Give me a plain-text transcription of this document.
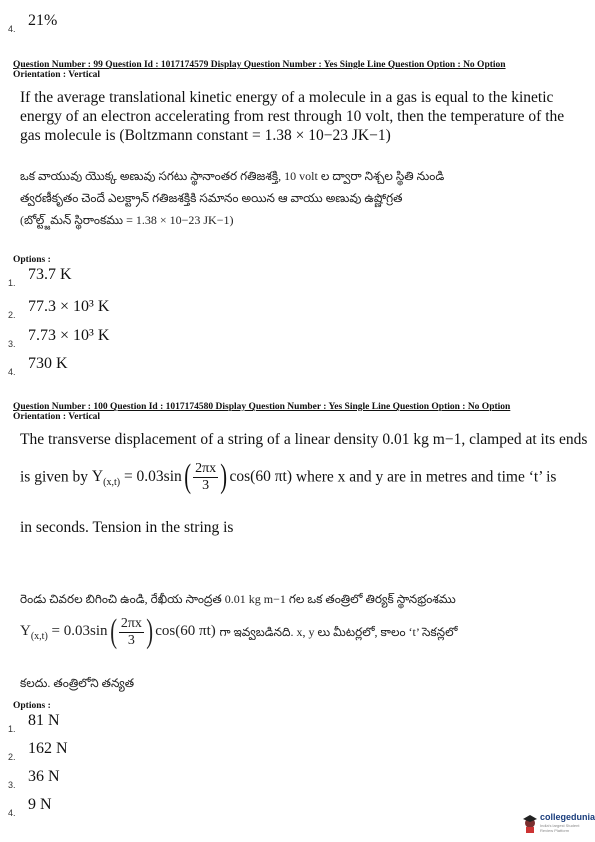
4. 21%
Question Number : 99 Question Id : 1017174579 Display Question Number : Yes Single Line Question Option : No Option
Orientation : Vertical
If the average translational kinetic energy of a molecule in a gas is equal to the kinetic
energy of an electron accelerating from rest through 10 volt, then the temperature of the
gas molecule is (Boltzmann constant = 1.38 × 10−23 JK−1)
ఒక వాయువు యొక్క అణువు సగటు స్థానాంతర గతిజశక్తి, 10 volt ల ద్వారా నిశ్చల స్థితి నుండి
త్వరణీకృతం చెందే ఎలక్ట్రాన్ గతిజశక్తికి సమానం అయిన ఆ వాయు అణువు ఉష్ణోగ్రత
(బోల్ట్జ్‌మన్ స్థిరాంకము = 1.38 × 10−23 JK−1)
Options :
1. 73.7 K
2. 77.3 × 10³ K
3. 7.73 × 10³ K
4. 730 K
Question Number : 100 Question Id : 1017174580 Display Question Number : Yes Single Line Question Option : No Option
Orientation : Vertical
The transverse displacement of a string of a linear density 0.01 kg m−1, clamped at its ends
is given by $Y_{(x,t)} = 0.03\sin( \frac{2\pi x}{3}$ ) cos(60 πt) where x and y are in metres and time ‘t’ is
in seconds. Tension in the string is
రెండు చివరల బిగించి ఉండి, రేఖీయ సాంద్రత 0.01 kg m−1 గల ఒక తంత్రిలో తిర్యక్ స్థానభ్రంశము
$Y_{(x,t)} = 0.03\sin( \frac{2\pi x}{3}$ ) cos(60 πt) గా ఇవ్వబడినది. x, y లు మీటర్లలో, కాలం ‘t’ సెకన్లలో
కలదు. తంత్రిలోని తన్యత
Options :
1. 81 N
2. 162 N
3. 36 N
4. 9 N
collegedunia
India's largest Student Review Platform
